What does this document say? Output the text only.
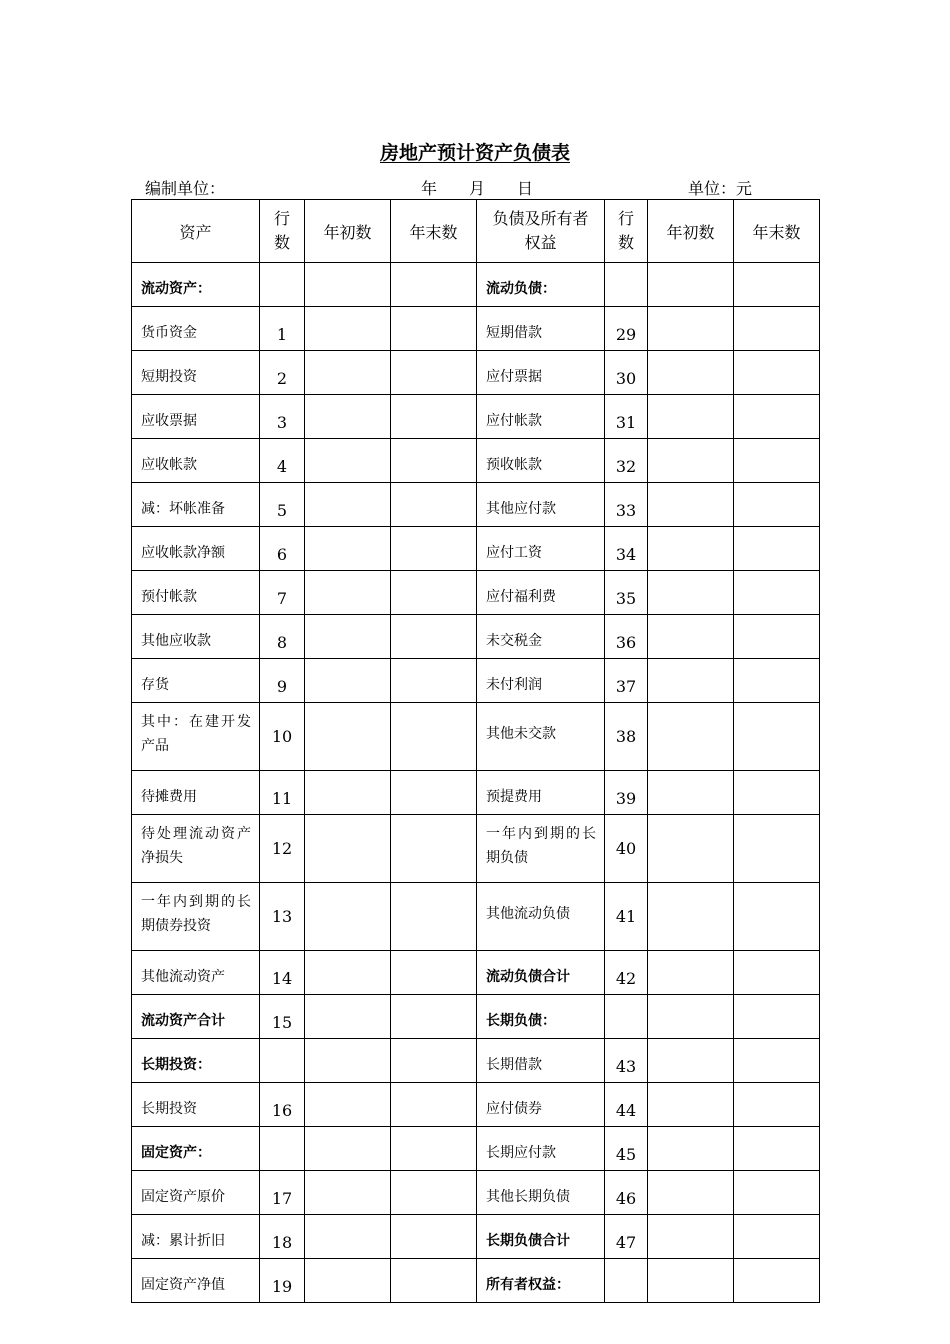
房地产预计资产负债表
编制单位：	年　　月　　日	单位：元
资产	行数	年初数	年末数	负债及所有者权益	行数	年初数	年末数
流动资产：				流动负债：			
货币资金	1			短期借款	29		
短期投资	2			应付票据	30		
应收票据	3			应付帐款	31		
应收帐款	4			预收帐款	32		
减：坏帐准备	5			其他应付款	33		
应收帐款净额	6			应付工资	34		
预付帐款	7			应付福利费	35		
其他应收款	8			未交税金	36		
存货	9			未付利润	37		
其中：在建开发产品	10			其他未交款	38		
待摊费用	11			预提费用	39		
待处理流动资产净损失	12			一年内到期的长期负债	40		
一年内到期的长期债券投资	13			其他流动负债	41		
其他流动资产	14			流动负债合计	42		
流动资产合计	15			长期负债：			
长期投资：				长期借款	43		
长期投资	16			应付债券	44		
固定资产：				长期应付款	45		
固定资产原价	17			其他长期负债	46		
减：累计折旧	18			长期负债合计	47		
固定资产净值	19			所有者权益：			
